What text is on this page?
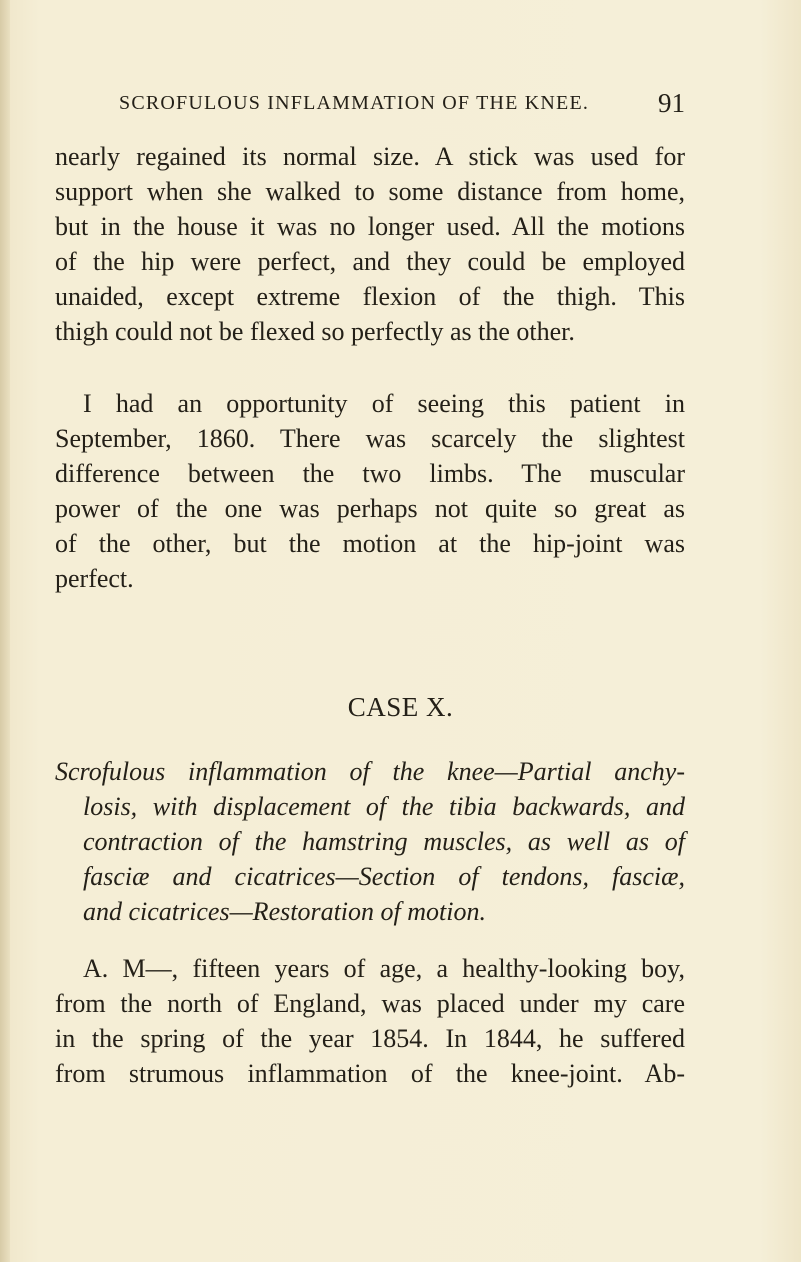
SCROFULOUS INFLAMMATION OF THE KNEE.	91
nearly regained its normal size. A stick was used for
support when she walked to some distance from home,
but in the house it was no longer used. All the motions
of the hip were perfect, and they could be employed
unaided, except extreme flexion of the thigh. This
thigh could not be flexed so perfectly as the other.
I had an opportunity of seeing this patient in
September, 1860. There was scarcely the slightest
difference between the two limbs. The muscular
power of the one was perhaps not quite so great as
of the other, but the motion at the hip-joint was
perfect.
CASE X.
Scrofulous inflammation of the knee—Partial anchy-
losis, with displacement of the tibia backwards, and
contraction of the hamstring muscles, as well as of
fasciæ and cicatrices—Section of tendons, fasciæ,
and cicatrices—Restoration of motion.
A. M—, fifteen years of age, a healthy-looking boy,
from the north of England, was placed under my care
in the spring of the year 1854. In 1844, he suffered
from strumous inflammation of the knee-joint. Ab-
